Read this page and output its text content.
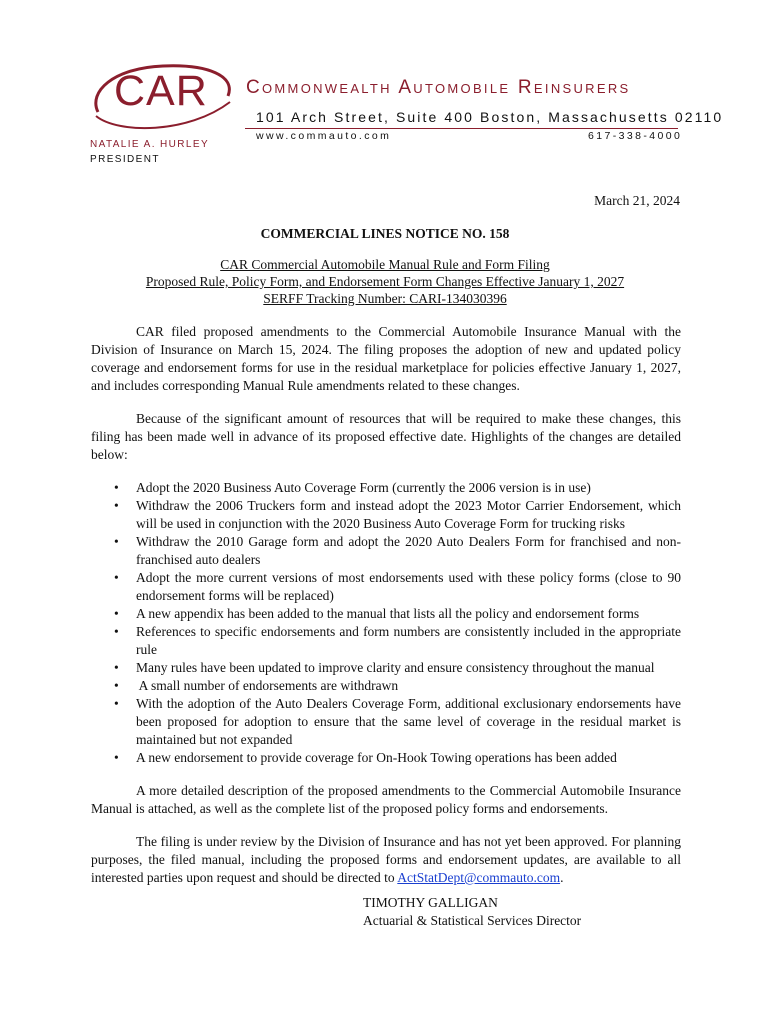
CAR Commonwealth Automobile Reinsurers
101 Arch Street, Suite 400 Boston, Massachusetts 02110
www.commauto.com	617-338-4000
NATALIE A. HURLEY
PRESIDENT
March 21, 2024
COMMERCIAL LINES NOTICE NO. 158
CAR Commercial Automobile Manual Rule and Form Filing
Proposed Rule, Policy Form, and Endorsement Form Changes Effective January 1, 2027
SERFF Tracking Number: CARI-134030396

CAR filed proposed amendments to the Commercial Automobile Insurance Manual with the Division of Insurance on March 15, 2024. The filing proposes the adoption of new and updated policy coverage and endorsement forms for use in the residual marketplace for policies effective January 1, 2027, and includes corresponding Manual Rule amendments related to these changes.

Because of the significant amount of resources that will be required to make these changes, this filing has been made well in advance of its proposed effective date. Highlights of the changes are detailed below:

• Adopt the 2020 Business Auto Coverage Form (currently the 2006 version is in use)
• Withdraw the 2006 Truckers form and instead adopt the 2023 Motor Carrier Endorsement, which will be used in conjunction with the 2020 Business Auto Coverage Form for trucking risks
• Withdraw the 2010 Garage form and adopt the 2020 Auto Dealers Form for franchised and non-franchised auto dealers
• Adopt the more current versions of most endorsements used with these policy forms (close to 90 endorsement forms will be replaced)
• A new appendix has been added to the manual that lists all the policy and endorsement forms
• References to specific endorsements and form numbers are consistently included in the appropriate rule
• Many rules have been updated to improve clarity and ensure consistency throughout the manual
• A small number of endorsements are withdrawn
• With the adoption of the Auto Dealers Coverage Form, additional exclusionary endorsements have been proposed for adoption to ensure that the same level of coverage in the residual market is maintained but not expanded
• A new endorsement to provide coverage for On-Hook Towing operations has been added

A more detailed description of the proposed amendments to the Commercial Automobile Insurance Manual is attached, as well as the complete list of the proposed policy forms and endorsements.

The filing is under review by the Division of Insurance and has not yet been approved. For planning purposes, the filed manual, including the proposed forms and endorsement updates, are available to all interested parties upon request and should be directed to ActStatDept@commauto.com.

TIMOTHY GALLIGAN
Actuarial & Statistical Services Director
